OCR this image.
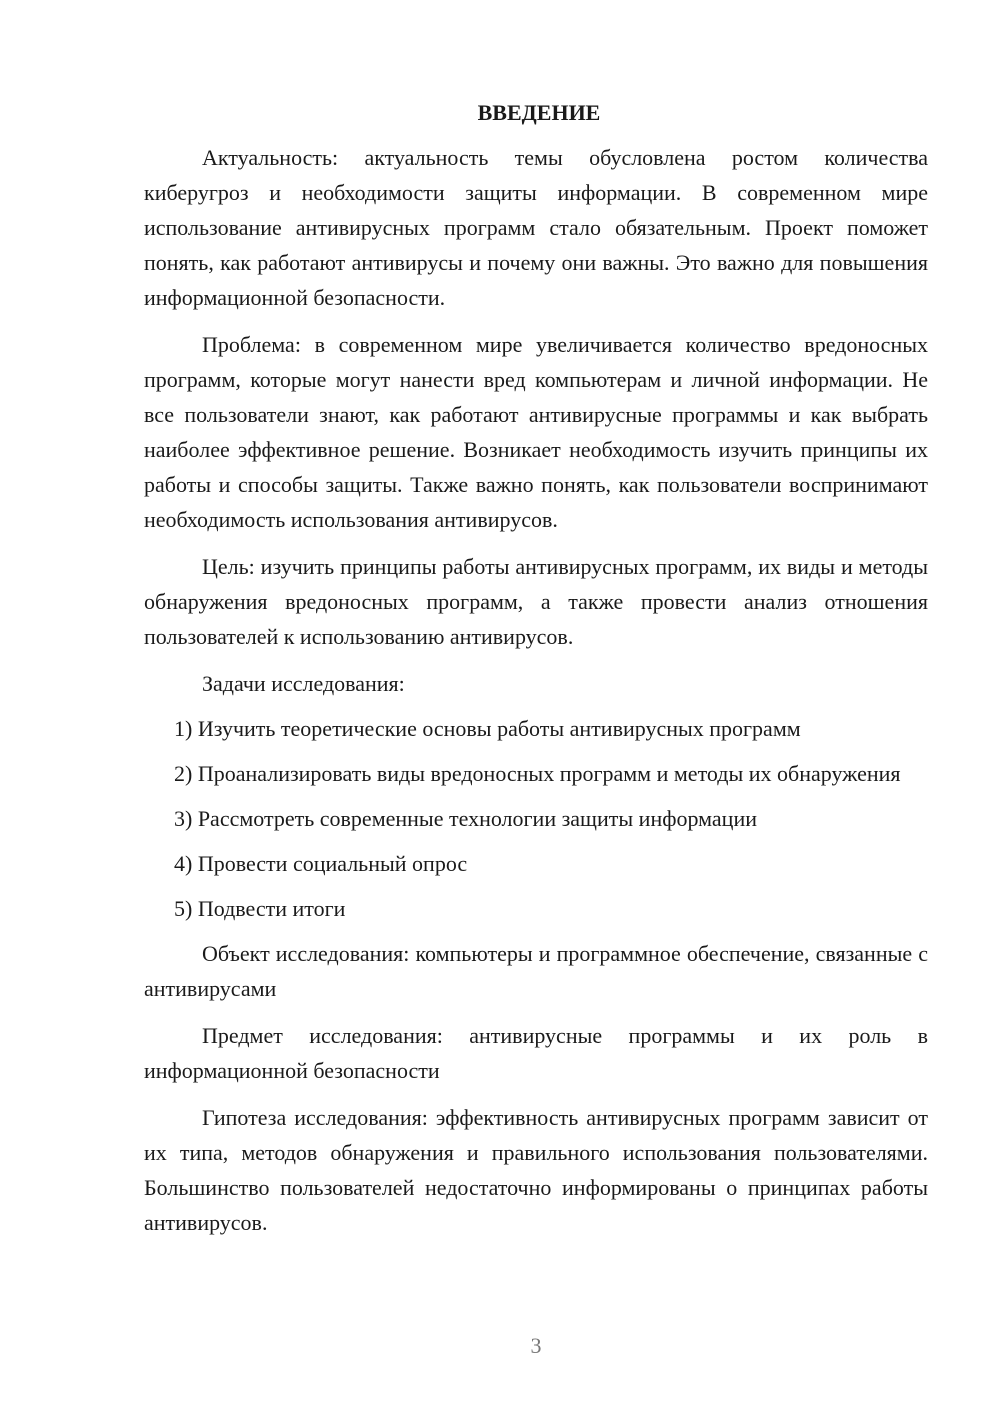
ВВЕДЕНИЕ

Актуальность: актуальность темы обусловлена ростом количества киберугроз и необходимости защиты информации. В современном мире использование антивирусных программ стало обязательным. Проект поможет понять, как работают антивирусы и почему они важны. Это важно для повышения информационной безопасности.

Проблема: в современном мире увеличивается количество вредоносных программ, которые могут нанести вред компьютерам и личной информации. Не все пользователи знают, как работают антивирусные программы и как выбрать наиболее эффективное решение. Возникает необходимость изучить принципы их работы и способы защиты. Также важно понять, как пользователи воспринимают необходимость использования антивирусов.

Цель: изучить принципы работы антивирусных программ, их виды и методы обнаружения вредоносных программ, а также провести анализ отношения пользователей к использованию антивирусов.

Задачи исследования:

1) Изучить теоретические основы работы антивирусных программ
2) Проанализировать виды вредоносных программ и методы их обнаружения
3) Рассмотреть современные технологии защиты информации
4) Провести социальный опрос
5) Подвести итоги

Объект исследования: компьютеры и программное обеспечение, связанные с антивирусами

Предмет исследования: антивирусные программы и их роль в информационной безопасности

Гипотеза исследования: эффективность антивирусных программ зависит от их типа, методов обнаружения и правильного использования пользователями. Большинство пользователей недостаточно информированы о принципах работы антивирусов.

3
